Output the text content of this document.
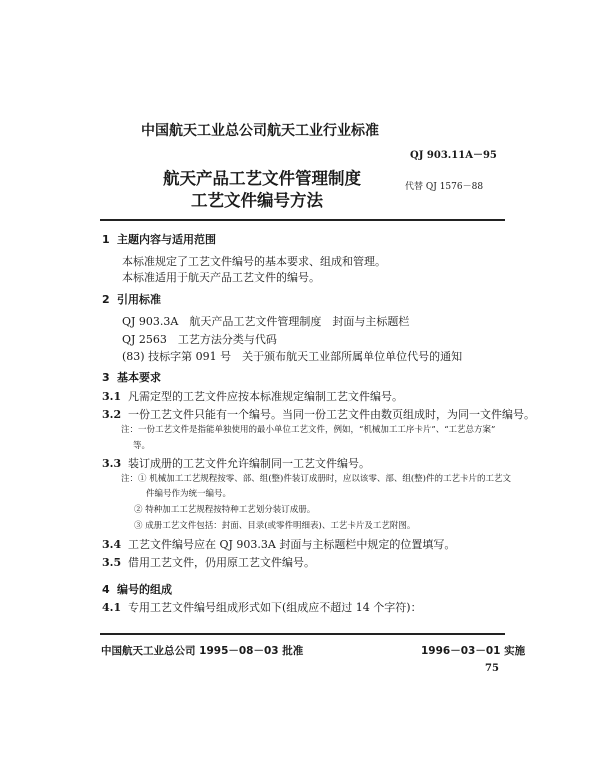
中国航天工业总公司航天工业行业标准
QJ 903.11A－95
航天产品工艺文件管理制度
工艺文件编号方法
代替 QJ 1576－88
1 主题内容与适用范围
本标准规定了工艺文件编号的基本要求、组成和管理。
本标准适用于航天产品工艺文件的编号。
2 引用标准
QJ 903.3A　航天产品工艺文件管理制度　封面与主标题栏
QJ 2563　工艺方法分类与代码
(83) 技标字第 091 号　关于颁布航天工业部所属单位单位代号的通知
3 基本要求
3.1 凡需定型的工艺文件应按本标准规定编制工艺文件编号。
3.2 一份工艺文件只能有一个编号。当同一份工艺文件由数页组成时，为同一文件编号。
注：一份工艺文件是指能单独使用的最小单位工艺文件，例如，“机械加工工序卡片”、“工艺总方案”
等。
3.3 装订成册的工艺文件允许编制同一工艺文件编号。
注：① 机械加工工艺规程按零、部、组(整)件装订成册时，应以该零、部、组(整)件的工艺卡片的工艺文
件编号作为统一编号。
② 特种加工工艺规程按特种工艺划分装订成册。
③ 成册工艺文件包括：封面、目录(或零件明细表)、工艺卡片及工艺附图。
3.4 工艺文件编号应在 QJ 903.3A 封面与主标题栏中规定的位置填写。
3.5 借用工艺文件，仍用原工艺文件编号。
4 编号的组成
4.1 专用工艺文件编号组成形式如下(组成应不超过 14 个字符)：
中国航天工业总公司 1995－08－03 批准	1996－03－01 实施
75
